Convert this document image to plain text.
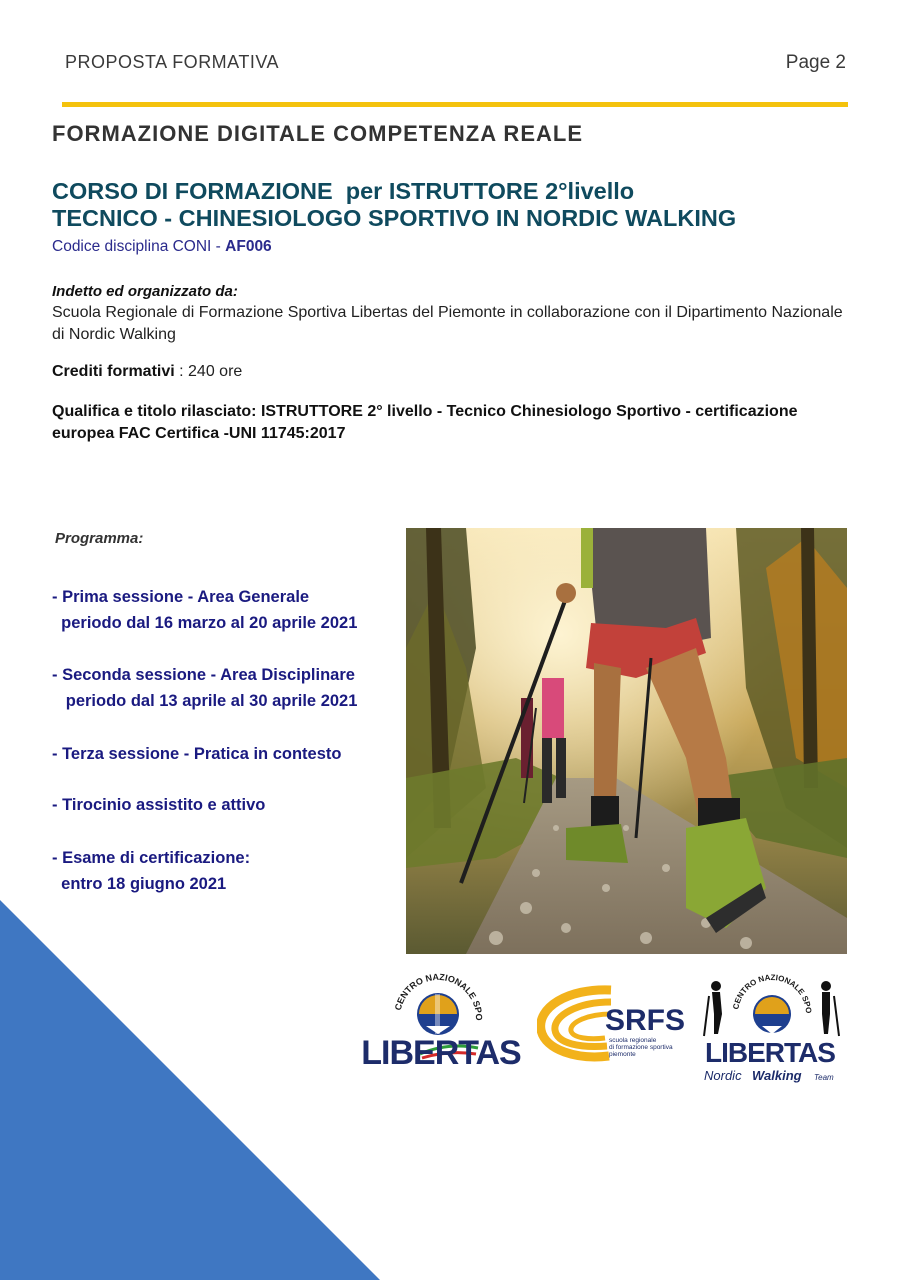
PROPOSTA FORMATIVA	Page 2
FORMAZIONE DIGITALE COMPETENZA REALE
CORSO DI FORMAZIONE  per ISTRUTTORE 2°livello
TECNICO - CHINESIOLOGO SPORTIVO IN NORDIC WALKING
Codice disciplina CONI - AF006
Indetto ed organizzato da:
Scuola Regionale di Formazione Sportiva Libertas del Piemonte in collaborazione con il Dipartimento Nazionale di Nordic Walking
Crediti formativi : 240 ore
Qualifica e titolo rilasciato: ISTRUTTORE 2° livello - Tecnico Chinesiologo Sportivo - certificazione europea FAC Certifica -UNI 11745:2017
Programma:
- Prima sessione - Area Generale
periodo dal 16 marzo al 20 aprile 2021
- Seconda sessione - Area Disciplinare
periodo dal 13 aprile al 30 aprile 2021
- Terza sessione - Pratica in contesto
- Tirocinio assistito e attivo
- Esame di certificazione:
entro 18 giugno 2021
CENTRO NAZIONALE SPO
LIBERTAS
SRFS
scuola regionale
di formazione sportiva
piemonte
CENTRO NAZIONALE SPO
LIBERTAS
Nordic Walking Team
